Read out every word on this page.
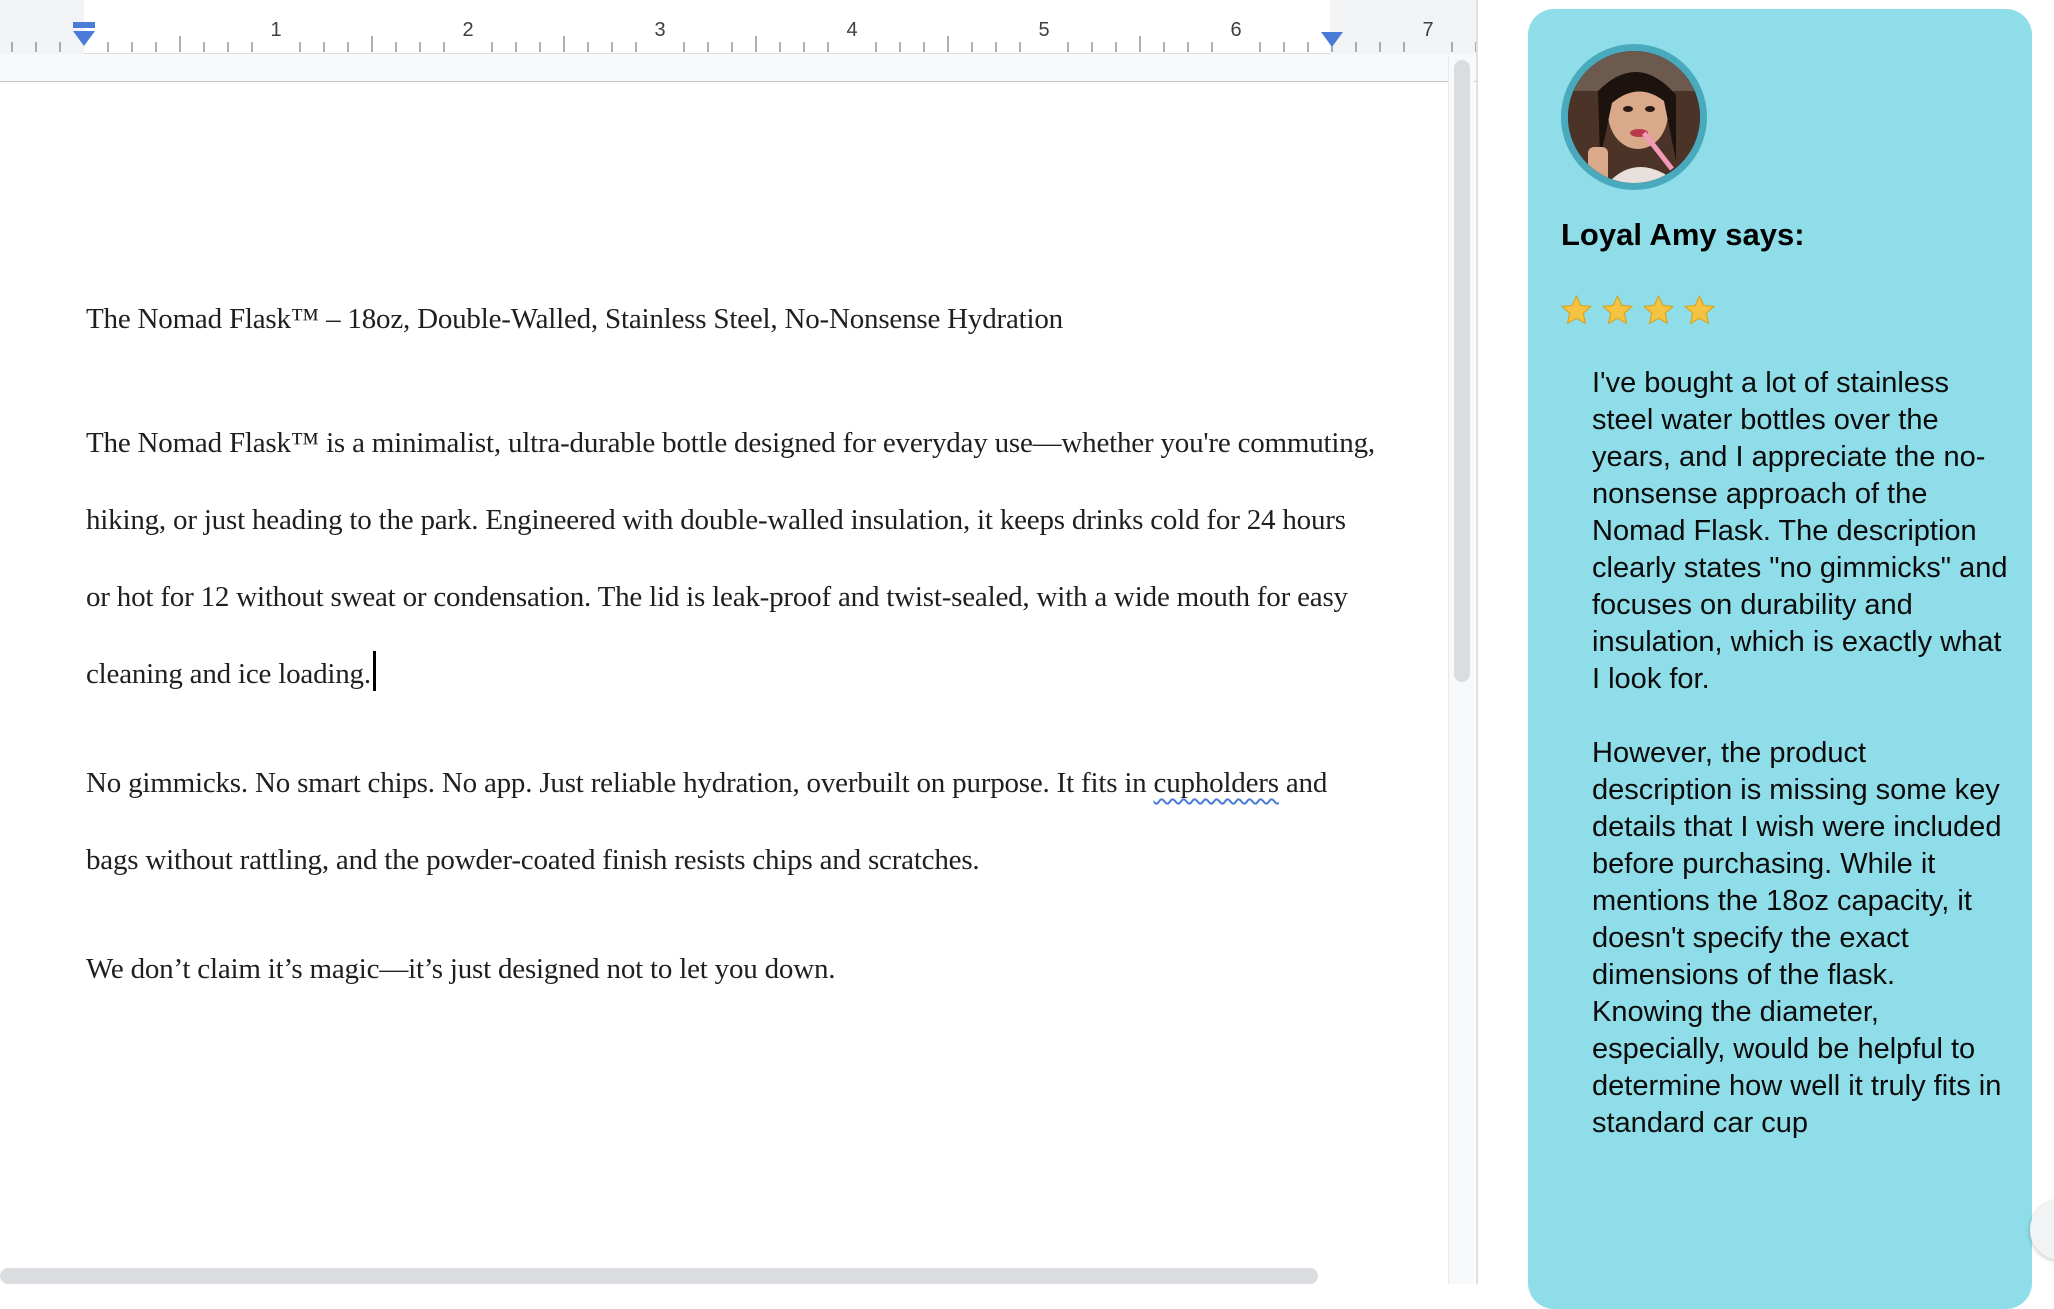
1	2	3	4	5	6	7

The Nomad Flask™ – 18oz, Double-Walled, Stainless Steel, No-Nonsense Hydration

The Nomad Flask™ is a minimalist, ultra-durable bottle designed for everyday use—whether you're commuting, hiking, or just heading to the park. Engineered with double-walled insulation, it keeps drinks cold for 24 hours or hot for 12 without sweat or condensation. The lid is leak-proof and twist-sealed, with a wide mouth for easy cleaning and ice loading.

No gimmicks. No smart chips. No app. Just reliable hydration, overbuilt on purpose. It fits in cupholders and bags without rattling, and the powder-coated finish resists chips and scratches.

We don’t claim it’s magic—it’s just designed not to let you down.

Loyal Amy says:

I've bought a lot of stainless steel water bottles over the years, and I appreciate the no-nonsense approach of the Nomad Flask. The description clearly states "no gimmicks" and focuses on durability and insulation, which is exactly what I look for.

However, the product description is missing some key details that I wish were included before purchasing. While it mentions the 18oz capacity, it doesn't specify the exact dimensions of the flask. Knowing the diameter, especially, would be helpful to determine how well it truly fits in standard car cup
